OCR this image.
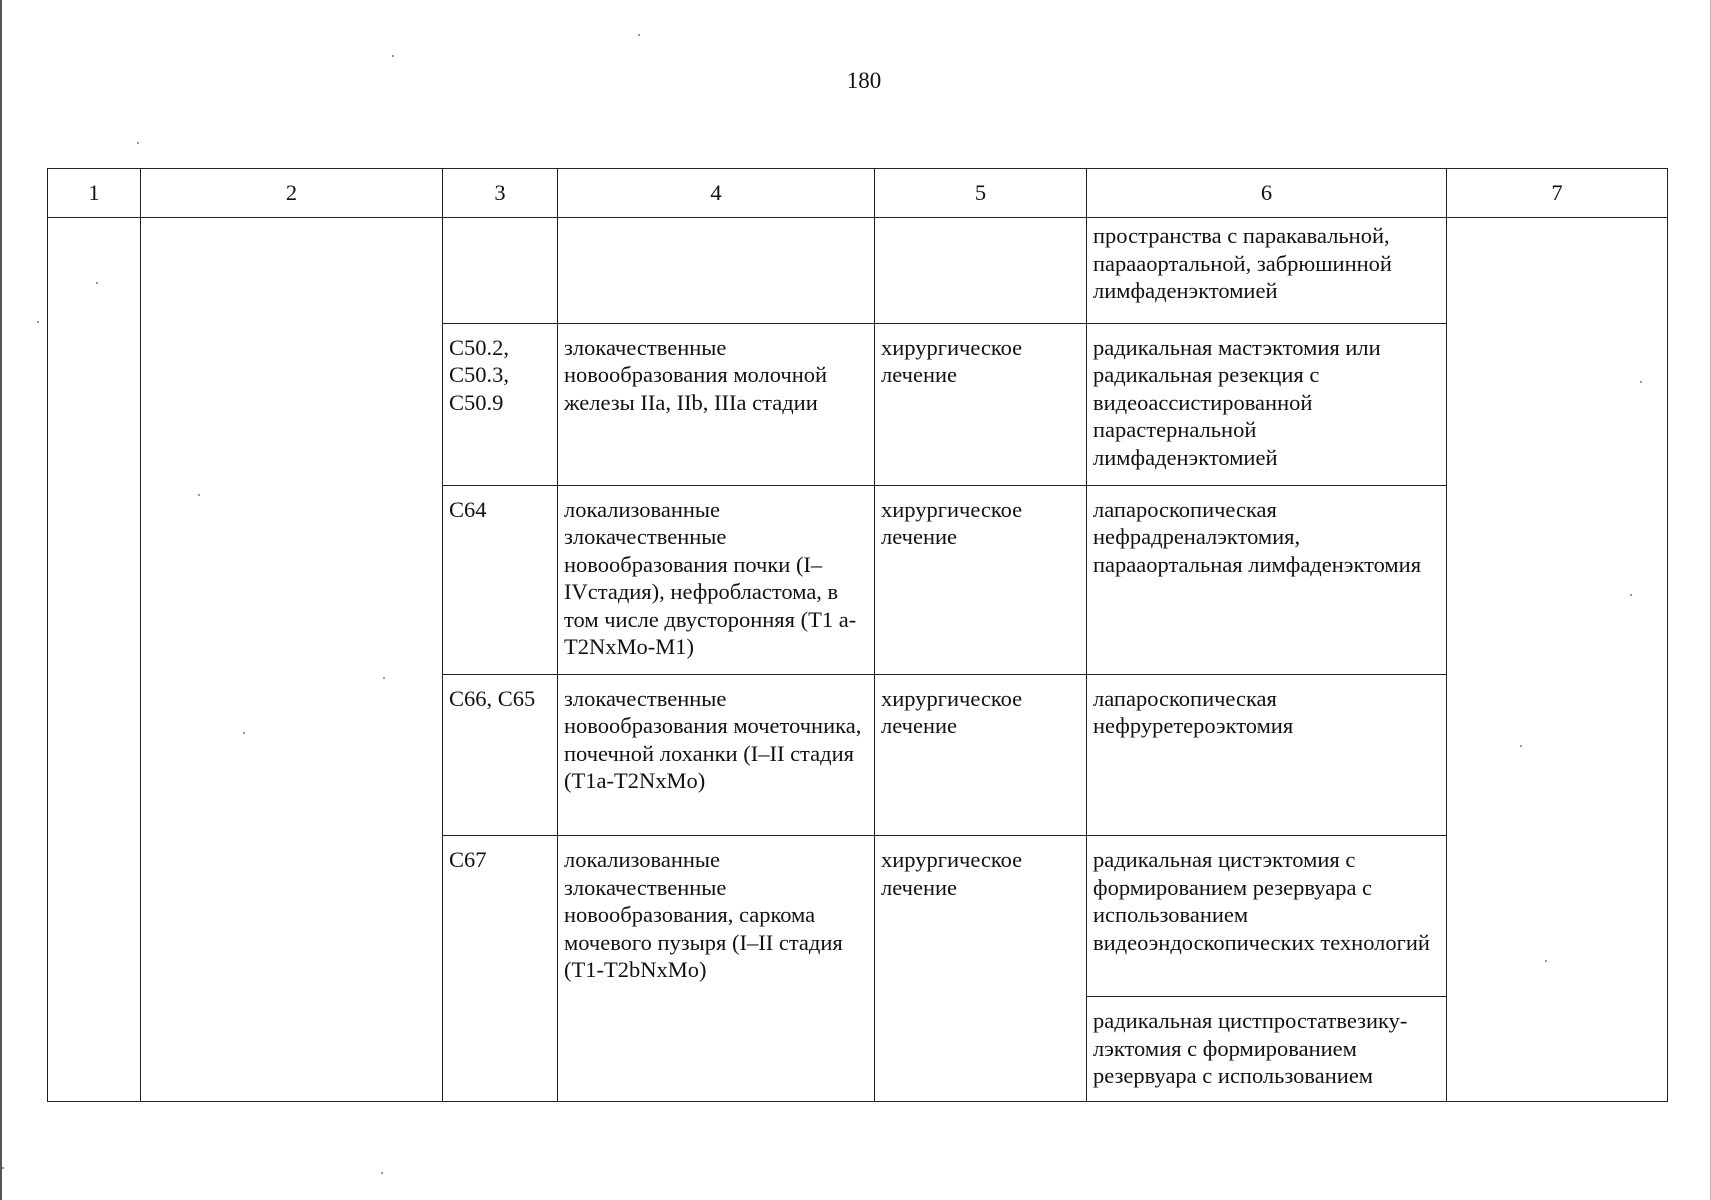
180
1	2	3	4	5	6	7
					пространства с паракавальной, парааортальной, забрюшинной лимфаденэктомией	
		C50.2,
C50.3,
C50.9	злокачественные новообразования молочной железы IIa, IIb, IIIa стадии	хирургическое лечение	радикальная мастэктомия или радикальная резекция с видеоассистированной парастернальной лимфаденэктомией	
		C64	локализованные злокачественные новообразования почки (I–IVстадия), нефробластома, в том числе двусторонняя (T1 a-T2NxMo-M1)	хирургическое лечение	лапароскопическая нефрадреналэктомия, парааортальная лимфаденэктомия	
		C66, C65	злокачественные новообразования мочеточника, почечной лоханки (I–II стадия (T1a-T2NxMo)	хирургическое лечение	лапароскопическая нефруретероэктомия	
		C67	локализованные злокачественные новообразования, саркома мочевого пузыря (I–II стадия (T1-T2bNxMo)	хирургическое лечение	радикальная цистэктомия с формированием резервуара с использованием видеоэндоскопических технологий	
					радикальная цистпростатвезику-лэктомия с формированием резервуара с использованием	
